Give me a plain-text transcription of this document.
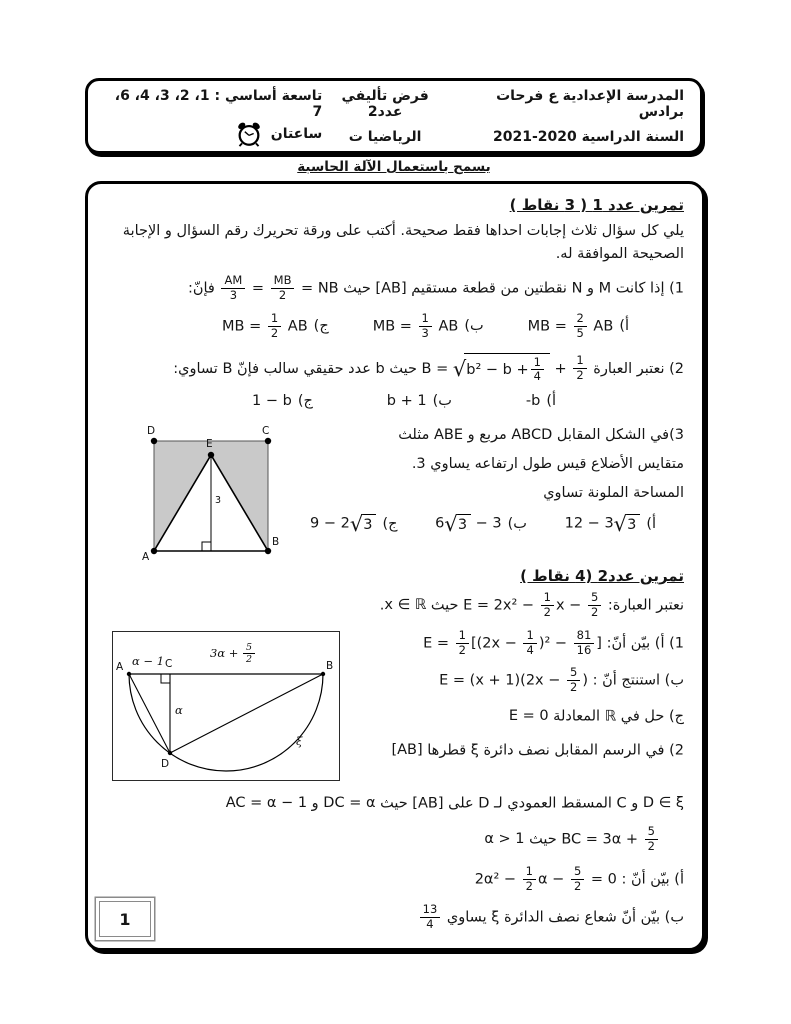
المدرسة الإعدادية ع فرحات برادس
السنة الدراسية 2020-2021
فرض تأليفي عدد2
الرياضيا ت
تاسعة أساسي : 1، 2، 3، 4، 6، 7
ساعتان
يسمح باستعمال الآلة الحاسبة
تمرين عدد 1 ( 3 نقاط )
يلي كل سؤال ثلاث إجابات احداها فقط صحيحة. أكتب على ورقة تحريرك رقم السؤال و الإجابة الصحيحة الموافقة له.
1) إذا كانت M و N نقطتين من قطعة مستقيم [AB] حيث
$\frac{AM}{3} = \frac{MB}{2}$ = NB فإنّ:
أ)
MB = $\frac{2}{5}$ AB
ب)
MB = $\frac{1}{3}$ AB
ج)
MB = $\frac{1}{2}$ AB
2) نعتبر العبارة B = √ $b^2 - b + \frac{1}{4} + \frac{1}{2}$
حيث b عدد حقيقي سالب فإنّ B تساوي:
أ)
-b
ب)
b + 1
ج)
1 − b
3)في الشكل المقابل ABCD مربع و ABE مثلث
متقايس الأضلاع قيس طول ارتفاعه يساوي 3.
المساحة الملونة تساوي
أ)
12 − 3 √ 3
ب)
6 √ 3 − 3
ج)
9 − 2 √ 3
D	C
E
A
B
3
تمرين عدد2 (4 نقاط )
نعتبر العبارة: $E = 2x^2 - \frac{1}{2}$ $x - \frac{5}{2}$
حيث x ∈ ℝ.
A	C	B
D
α − 1
$3\alpha + \frac{5}{2}$
α
ξ
1) أ) بيّن أنّ: $E = \frac{1}{2} [(2x - \frac{1}{4} )^2 - \frac{81}{16}$ ]
ب) استنتج أنّ : $E = (x + 1)(2x - \frac{5}{2}$ )
ج) حل في ℝ المعادلة E = 0
2) في الرسم المقابل نصف دائرة ξ قطرها [AB]
D ∈ ξ و C المسقط العمودي لـ D على [AB] حيث DC = α و AC = α − 1
BC = $3\alpha + \frac{5}{2}$
حيث α > 1
أ) بيّن أنّ : $2\alpha^2 - \frac{1}{2}$ $\alpha - \frac{5}{2} = 0$
ب) بيّن أنّ شعاع نصف الدائرة ξ يساوي
$\frac{13}{4}$
1
